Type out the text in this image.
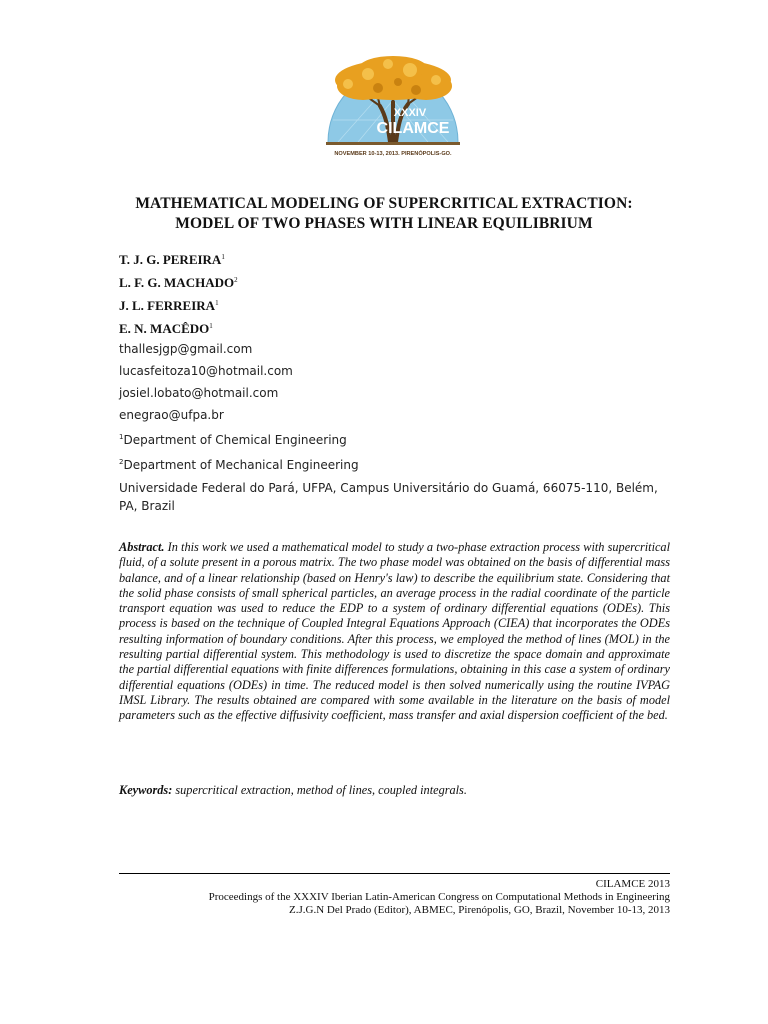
XXXIV
CILAMCE
NOVEMBER 10-13, 2013. PIRENÓPOLIS-GO.
MATHEMATICAL MODELING OF SUPERCRITICAL EXTRACTION:
MODEL OF TWO PHASES WITH LINEAR EQUILIBRIUM
T. J. G. PEREIRA$^1$
L. F. G. MACHADO$^2$
J. L. FERREIRA$^1$
E. N. MACÊDO$^1$
thallesjgp@gmail.com
lucasfeitoza10@hotmail.com
josiel.lobato@hotmail.com
enegrao@ufpa.br
$^1$Department of Chemical Engineering
$^2$Department of Mechanical Engineering
Universidade Federal do Pará, UFPA, Campus Universitário do Guamá, 66075-110, Belém, PA, Brazil
Abstract. In this work we used a mathematical model to study a two-phase extraction process with supercritical fluid, of a solute present in a porous matrix. The two phase model was obtained on the basis of differential mass balance, and of a linear relationship (based on Henry's law) to describe the equilibrium state. Considering that the solid phase consists of small spherical particles, an average process in the radial coordinate of the particle transport equation was used to reduce the EDP to a system of ordinary differential equations (ODEs). This process is based on the technique of Coupled Integral Equations Approach (CIEA) that incorporates the ODEs resulting information of boundary conditions. After this process, we employed the method of lines (MOL) in the resulting partial differential system. This methodology is used to discretize the space domain and approximate the partial differential equations with finite differences formulations, obtaining in this case a system of ordinary differential equations (ODEs) in time. The reduced model is then solved numerically using the routine IVPAG IMSL Library. The results obtained are compared with some available in the literature on the basis of model parameters such as the effective diffusivity coefficient, mass transfer and axial dispersion coefficient of the bed.
Keywords: supercritical extraction, method of lines, coupled integrals.
CILAMCE 2013
Proceedings of the XXXIV Iberian Latin-American Congress on Computational Methods in Engineering
Z.J.G.N Del Prado (Editor), ABMEC, Pirenópolis, GO, Brazil, November 10-13, 2013
